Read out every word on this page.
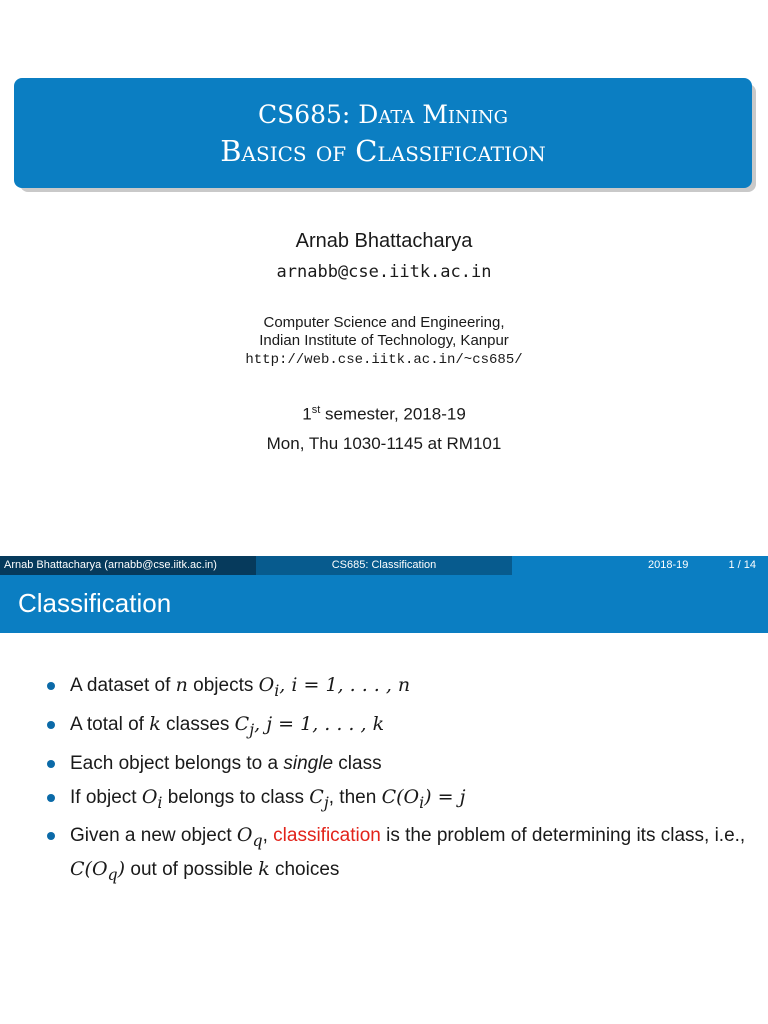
CS685: Data Mining
Basics of Classification
Arnab Bhattacharya
arnabb@cse.iitk.ac.in
Computer Science and Engineering,
Indian Institute of Technology, Kanpur
http://web.cse.iitk.ac.in/~cs685/
1st semester, 2018-19
Mon, Thu 1030-1145 at RM101
Arnab Bhattacharya (arnabb@cse.iitk.ac.in)	CS685: Classification	2018-19	1 / 14
Classification
A dataset of n objects $O_i$, i = 1, . . . , n
A total of k classes $C_j$, j = 1, . . . , k
Each object belongs to a single class
If object $O_i$ belongs to class $C_j$, then $C(O_i) = j$
Given a new object $O_q$, classification is the problem of determining its class, i.e., $C(O_q)$ out of possible k choices
